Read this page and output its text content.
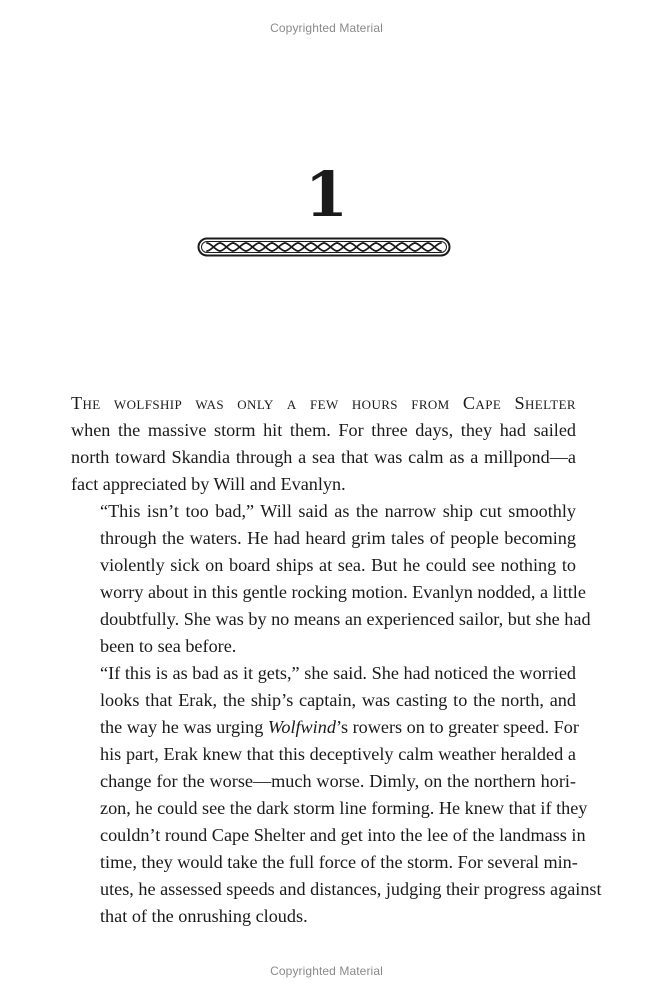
Copyrighted Material
1

The wolfship was only a few hours from Cape Shelter
when the massive storm hit them. For three days, they had sailed
north toward Skandia through a sea that was calm as a millpond—a
fact appreciated by Will and Evanlyn.

“This isn’t too bad,” Will said as the narrow ship cut smoothly
through the waters. He had heard grim tales of people becoming
violently sick on board ships at sea. But he could see nothing to
worry about in this gentle rocking motion. Evanlyn nodded, a little
doubtfully. She was by no means an experienced sailor, but she had
been to sea before.

“If this is as bad as it gets,” she said. She had noticed the worried
looks that Erak, the ship’s captain, was casting to the north, and
the way he was urging Wolfwind’s rowers on to greater speed. For
his part, Erak knew that this deceptively calm weather heralded a
change for the worse—much worse. Dimly, on the northern hori-
zon, he could see the dark storm line forming. He knew that if they
couldn’t round Cape Shelter and get into the lee of the landmass in
time, they would take the full force of the storm. For several min-
utes, he assessed speeds and distances, judging their progress against
that of the onrushing clouds.

Copyrighted Material
